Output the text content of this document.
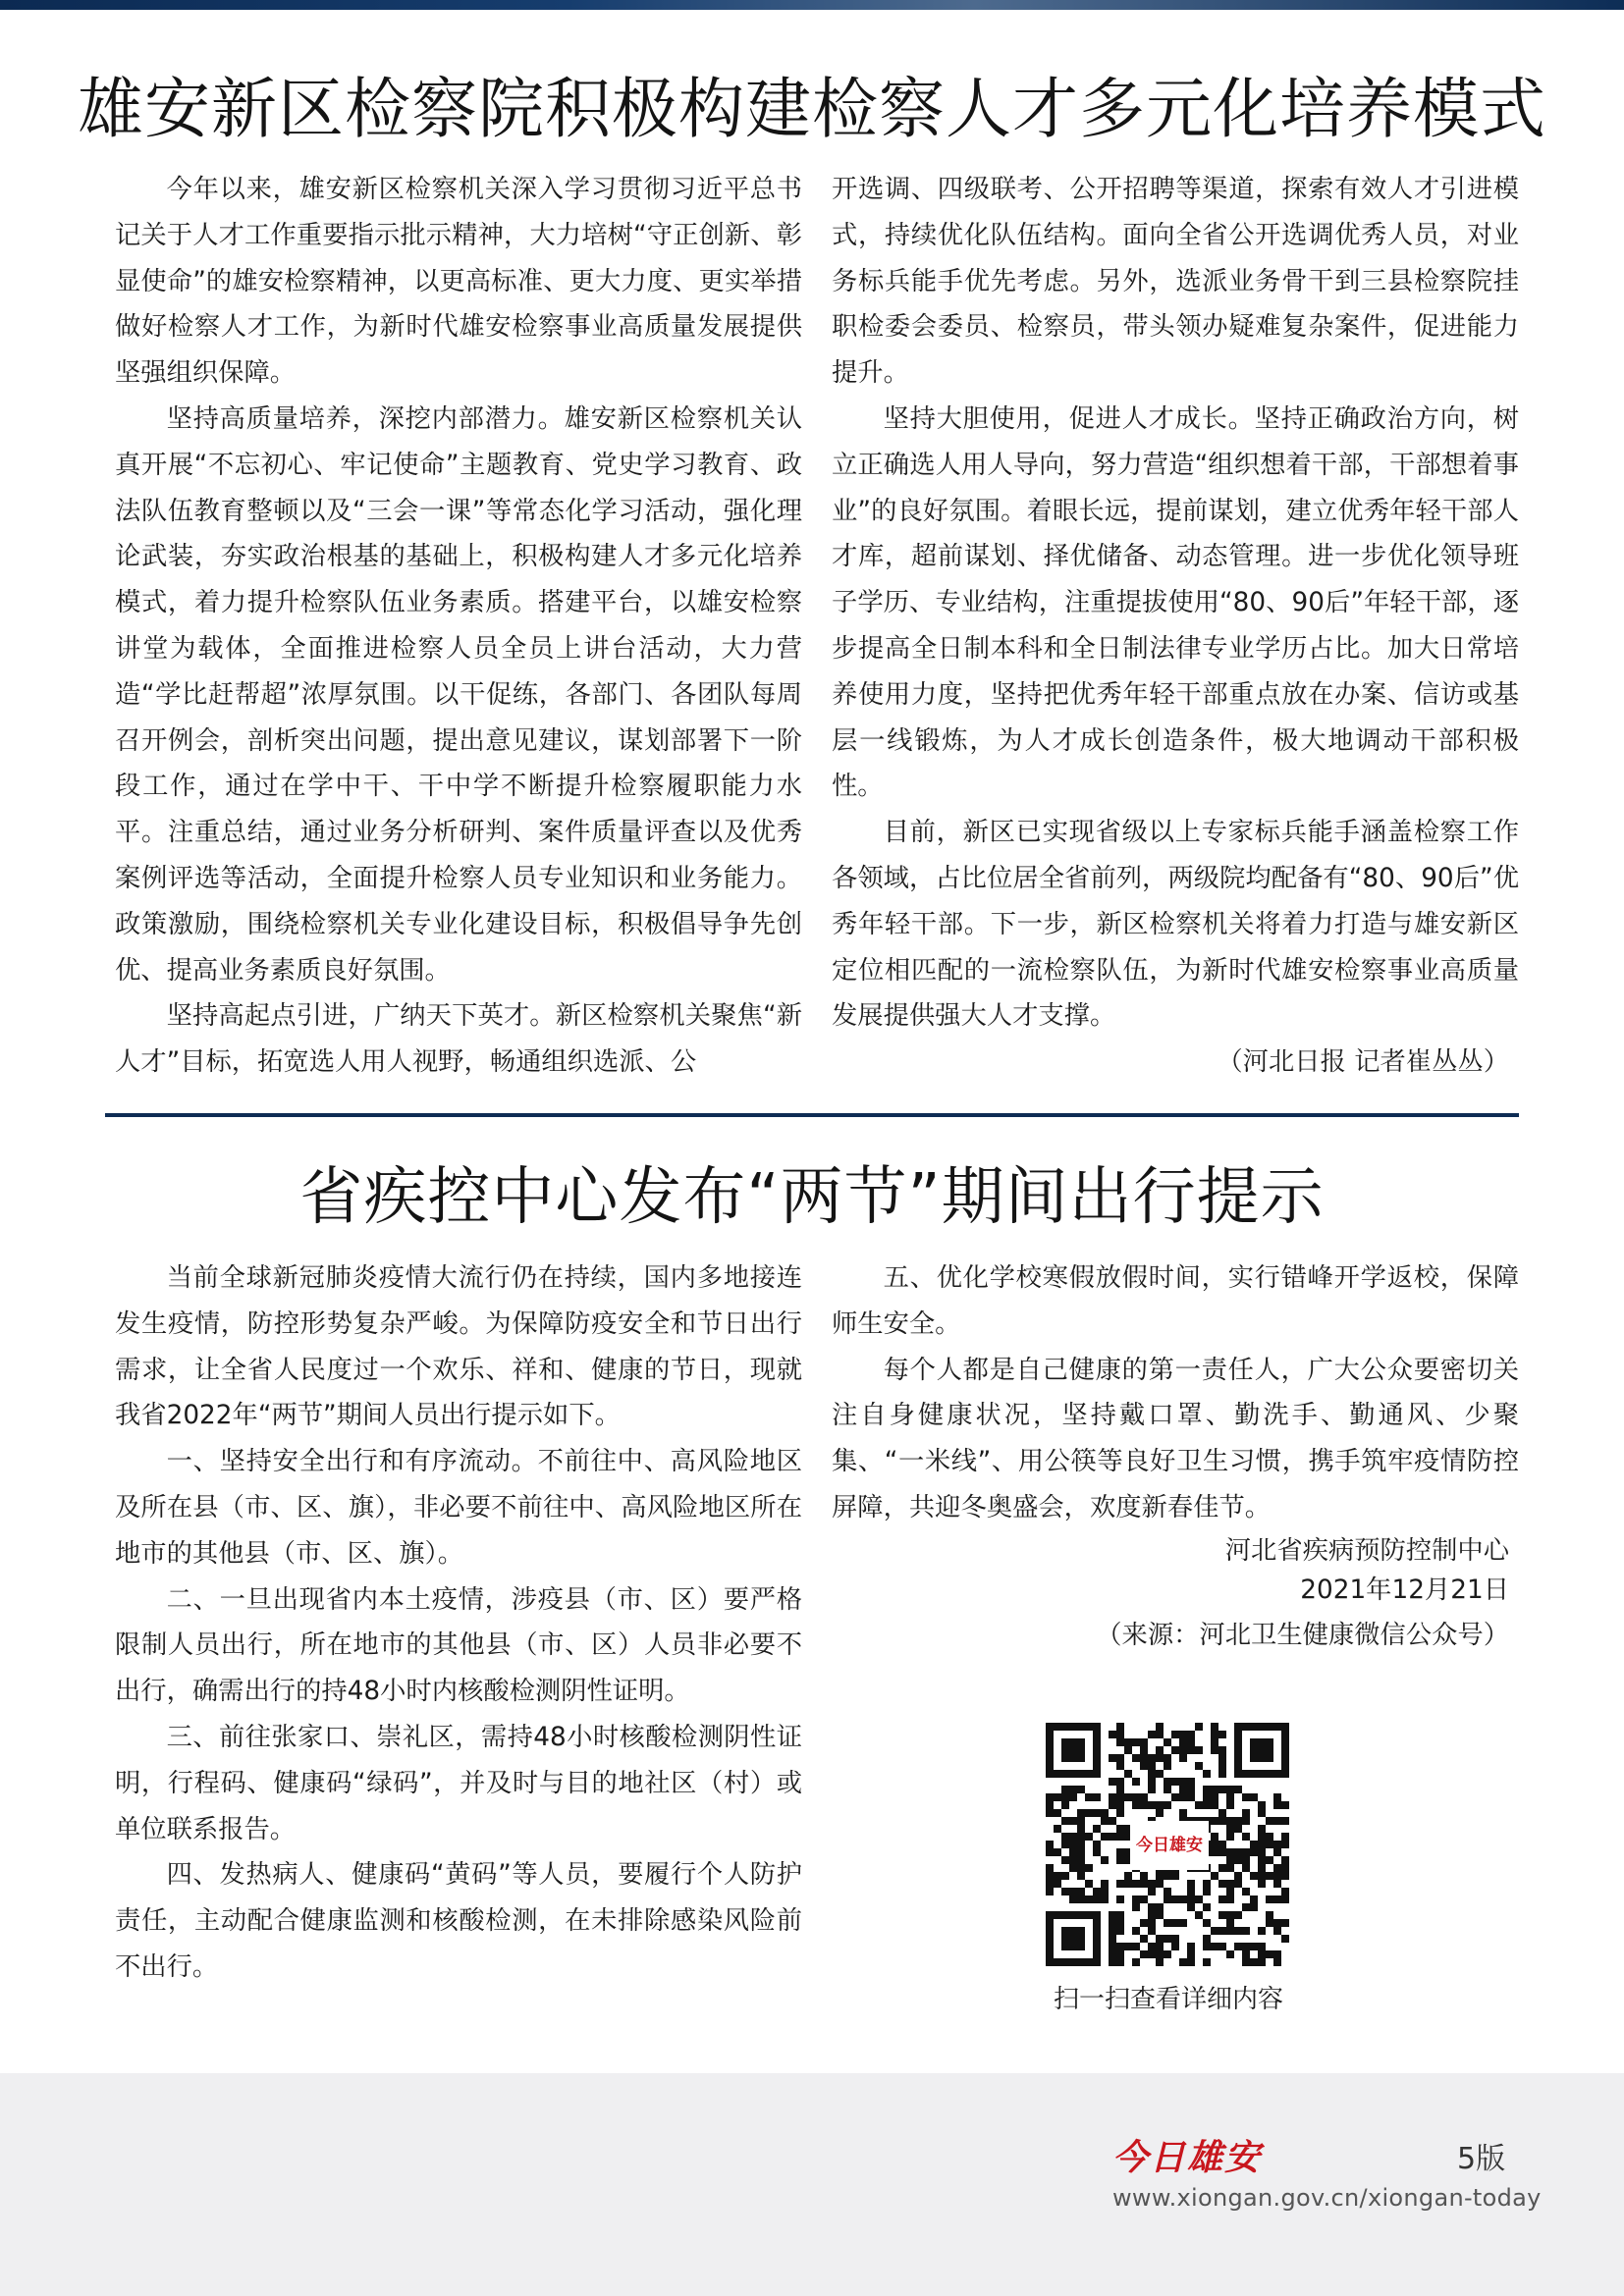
雄安新区检察院积极构建检察人才多元化培养模式

今年以来，雄安新区检察机关深入学习贯彻习近平总书记关于人才工作重要指示批示精神，大力培树“守正创新、彰显使命”的雄安检察精神，以更高标准、更大力度、更实举措做好检察人才工作，为新时代雄安检察事业高质量发展提供坚强组织保障。

坚持高质量培养，深挖内部潜力。雄安新区检察机关认真开展“不忘初心、牢记使命”主题教育、党史学习教育、政法队伍教育整顿以及“三会一课”等常态化学习活动，强化理论武装，夯实政治根基的基础上，积极构建人才多元化培养模式，着力提升检察队伍业务素质。搭建平台，以雄安检察讲堂为载体，全面推进检察人员全员上讲台活动，大力营造“学比赶帮超”浓厚氛围。以干促练，各部门、各团队每周召开例会，剖析突出问题，提出意见建议，谋划部署下一阶段工作，通过在学中干、干中学不断提升检察履职能力水平。注重总结，通过业务分析研判、案件质量评查以及优秀案例评选等活动，全面提升检察人员专业知识和业务能力。政策激励，围绕检察机关专业化建设目标，积极倡导争先创优、提高业务素质良好氛围。

坚持高起点引进，广纳天下英才。新区检察机关聚焦“新人才”目标，拓宽选人用人视野，畅通组织选派、公

开选调、四级联考、公开招聘等渠道，探索有效人才引进模式，持续优化队伍结构。面向全省公开选调优秀人员，对业务标兵能手优先考虑。另外，选派业务骨干到三县检察院挂职检委会委员、检察员，带头领办疑难复杂案件，促进能力提升。

坚持大胆使用，促进人才成长。坚持正确政治方向，树立正确选人用人导向，努力营造“组织想着干部，干部想着事业”的良好氛围。着眼长远，提前谋划，建立优秀年轻干部人才库，超前谋划、择优储备、动态管理。进一步优化领导班子学历、专业结构，注重提拔使用“80、90后”年轻干部，逐步提高全日制本科和全日制法律专业学历占比。加大日常培养使用力度，坚持把优秀年轻干部重点放在办案、信访或基层一线锻炼，为人才成长创造条件，极大地调动干部积极性。

目前，新区已实现省级以上专家标兵能手涵盖检察工作各领域，占比位居全省前列，两级院均配备有“80、90后”优秀年轻干部。下一步，新区检察机关将着力打造与雄安新区定位相匹配的一流检察队伍，为新时代雄安检察事业高质量发展提供强大人才支撑。

（河北日报 记者崔丛丛）

省疾控中心发布“两节”期间出行提示

当前全球新冠肺炎疫情大流行仍在持续，国内多地接连发生疫情，防控形势复杂严峻。为保障防疫安全和节日出行需求，让全省人民度过一个欢乐、祥和、健康的节日，现就我省2022年“两节”期间人员出行提示如下。

一、坚持安全出行和有序流动。不前往中、高风险地区及所在县（市、区、旗），非必要不前往中、高风险地区所在地市的其他县（市、区、旗）。

二、一旦出现省内本土疫情，涉疫县（市、区）要严格限制人员出行，所在地市的其他县（市、区）人员非必要不出行，确需出行的持48小时内核酸检测阴性证明。

三、前往张家口、崇礼区，需持48小时核酸检测阴性证明，行程码、健康码“绿码”，并及时与目的地社区（村）或单位联系报告。

四、发热病人、健康码“黄码”等人员，要履行个人防护责任，主动配合健康监测和核酸检测，在未排除感染风险前不出行。

五、优化学校寒假放假时间，实行错峰开学返校，保障师生安全。

每个人都是自己健康的第一责任人，广大公众要密切关注自身健康状况，坚持戴口罩、勤洗手、勤通风、少聚集、“一米线”、用公筷等良好卫生习惯，携手筑牢疫情防控屏障，共迎冬奥盛会，欢度新春佳节。

河北省疾病预防控制中心

2021年12月21日

（来源：河北卫生健康微信公众号）

今日雄安
扫一扫查看详细内容
今日雄安	5版
www.xiongan.gov.cn/xiongan-today
